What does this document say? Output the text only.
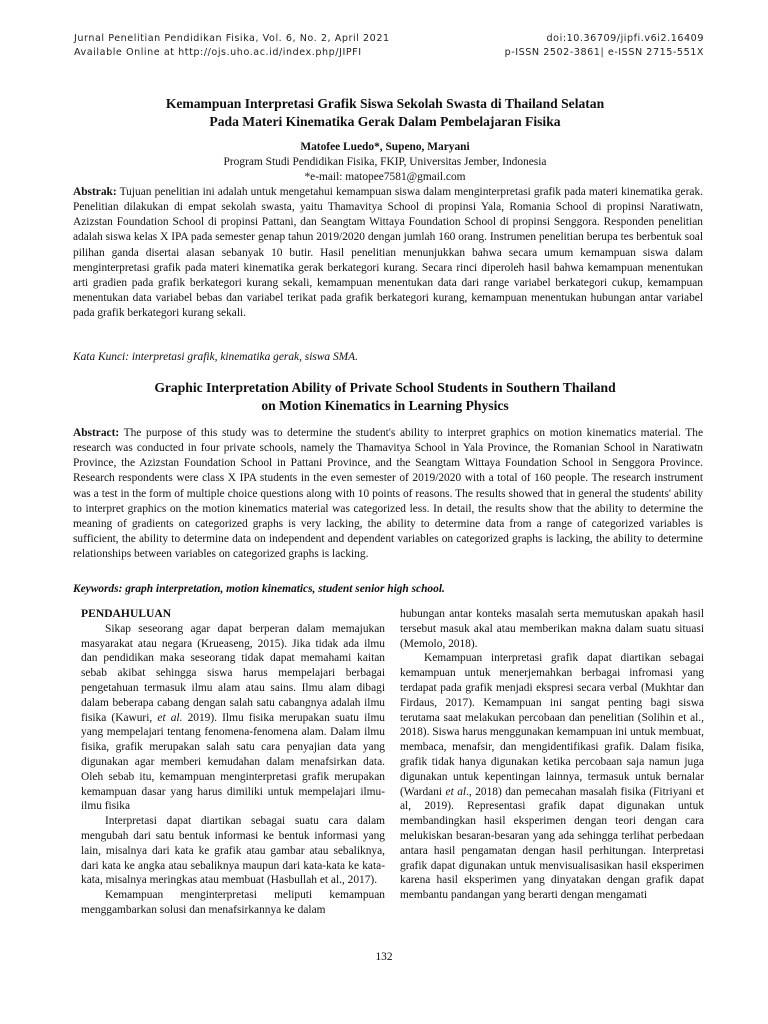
Jurnal Penelitian Pendidikan Fisika, Vol. 6, No. 2, April 2021
Available Online at http://ojs.uho.ac.id/index.php/JIPFI
doi:10.36709/jipfi.v6i2.16409
p-ISSN 2502-3861| e-ISSN 2715-551X
Kemampuan Interpretasi Grafik Siswa Sekolah Swasta di Thailand Selatan
Pada Materi Kinematika Gerak Dalam Pembelajaran Fisika
Matofee Luedo*, Supeno, Maryani
Program Studi Pendidikan Fisika, FKIP, Universitas Jember, Indonesia
*e-mail: matopee7581@gmail.com
Abstrak: Tujuan penelitian ini adalah untuk mengetahui kemampuan siswa dalam menginterpretasi grafik pada materi kinematika gerak. Penelitian dilakukan di empat sekolah swasta, yaitu Thamavitya School di propinsi Yala, Romania School di propinsi Naratiwatn, Azizstan Foundation School di propinsi Pattani, dan Seangtam Wittaya Foundation School di propinsi Senggora. Responden penelitian adalah siswa kelas X IPA pada semester genap tahun 2019/2020 dengan jumlah 160 orang. Instrumen penelitian berupa tes berbentuk soal pilihan ganda disertai alasan sebanyak 10 butir. Hasil penelitian menunjukkan bahwa secara umum kemampuan siswa dalam menginterpretasi grafik pada materi kinematika gerak berkategori kurang. Secara rinci diperoleh hasil bahwa kemampuan menentukan arti gradien pada grafik berkategori kurang sekali, kemampuan menentukan data dari range variabel berkategori cukup, kemampuan menentukan data variabel bebas dan variabel terikat pada grafik berkategori kurang, kemampuan menentukan hubungan antar variabel pada grafik berkategori kurang sekali.
Kata Kunci: interpretasi grafik, kinematika gerak, siswa SMA.
Graphic Interpretation Ability of Private School Students in Southern Thailand
on Motion Kinematics in Learning Physics
Abstract: The purpose of this study was to determine the student's ability to interpret graphics on motion kinematics material. The research was conducted in four private schools, namely the Thamavitya School in Yala Province, the Romanian School in Naratiwatn Province, the Azizstan Foundation School in Pattani Province, and the Seangtam Wittaya Foundation School in Senggora Province. Research respondents were class X IPA students in the even semester of 2019/2020 with a total of 160 people. The research instrument was a test in the form of multiple choice questions along with 10 points of reasons. The results showed that in general the students' ability to interpret graphics on the motion kinematics material was categorized less. In detail, the results show that the ability to determine the meaning of gradients on categorized graphs is very lacking, the ability to determine data from a range of categorized variables is sufficient, the ability to determine data on independent and dependent variables on categorized graphs is lacking, the ability to determine relationships between variables on categorized graphs is lacking.
Keywords: graph interpretation, motion kinematics, student senior high school.
PENDAHULUAN

Sikap seseorang agar dapat berperan dalam memajukan masyarakat atau negara (Krueaseng, 2015). Jika tidak ada ilmu dan pendidikan maka seseorang tidak dapat memahami kaitan sebab akibat sehingga siswa harus mempelajari berbagai pengetahuan termasuk ilmu alam atau sains. Ilmu alam dibagi dalam beberapa cabang dengan salah satu cabangnya adalah ilmu fisika (Kawuri, et al. 2019). Ilmu fisika merupakan suatu ilmu yang mempelajari tentang fenomena-fenomena alam. Dalam ilmu fisika, grafik merupakan salah satu cara penyajian data yang digunakan agar memberi kemudahan dalam menafsirkan data. Oleh sebab itu, kemampuan menginterpretasi grafik merupakan kemampuan dasar yang harus dimiliki untuk mempelajari ilmu-ilmu fisika

Interpretasi dapat diartikan sebagai suatu cara dalam mengubah dari satu bentuk informasi ke bentuk informasi yang lain, misalnya dari kata ke grafik atau gambar atau sebaliknya, dari kata ke angka atau sebaliknya maupun dari kata-kata ke kata-kata, misalnya meringkas atau membuat (Hasbullah et al., 2017).

Kemampuan menginterpretasi meliputi kemampuan menggambarkan solusi dan menafsirkannya ke dalam

hubungan antar konteks masalah serta memutuskan apakah hasil tersebut masuk akal atau memberikan makna dalam suatu situasi (Memolo, 2018).

Kemampuan interpretasi grafik dapat diartikan sebagai kemampuan untuk menerjemahkan berbagai infromasi yang terdapat pada grafik menjadi ekspresi secara verbal (Mukhtar dan Firdaus, 2017). Kemampuan ini sangat penting bagi siswa terutama saat melakukan percobaan dan penelitian (Solihin et al., 2018). Siswa harus menggunakan kemampuan ini untuk membuat, membaca, menafsir, dan mengidentifikasi grafik. Dalam fisika, grafik tidak hanya digunakan ketika percobaan saja namun juga digunakan untuk kepentingan lainnya, termasuk untuk bernalar (Wardani et al., 2018) dan pemecahan masalah fisika (Fitriyani et al, 2019). Representasi grafik dapat digunakan untuk membandingkan hasil eksperimen dengan teori dengan cara melukiskan besaran-besaran yang ada sehingga terlihat perbedaan antara hasil pengamatan dengan hasil perhitungan. Interpretasi grafik dapat digunakan untuk menvisualisasikan hasil eksperimen karena hasil eksperimen yang dinyatakan dengan grafik dapat membantu pandangan yang berarti dengan mengamati

132
